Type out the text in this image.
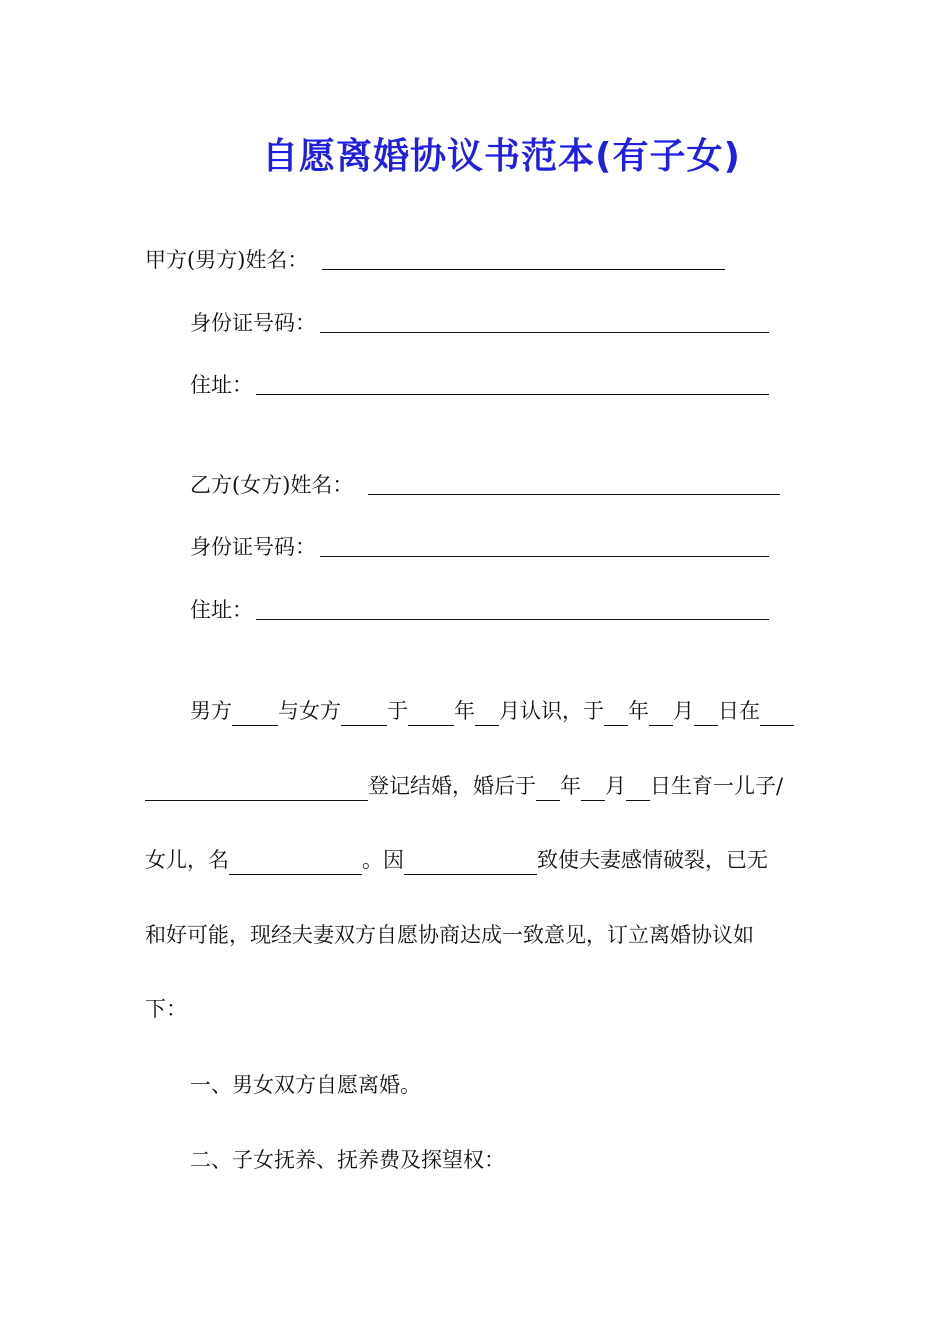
自愿离婚协议书范本(有子女)
甲方(男方)姓名：
身份证号码：
住址：
乙方(女方)姓名：
身份证号码：
住址：
男方 与女方 于 年 月认识，于 年 月 日在
登记结婚，婚后于 年 月 日生育一儿子/
女儿，名	。因	致使夫妻感情破裂，已无
和好可能，现经夫妻双方自愿协商达成一致意见，订立离婚协议如
下：
一、男女双方自愿离婚。
二、子女抚养、抚养费及探望权：
